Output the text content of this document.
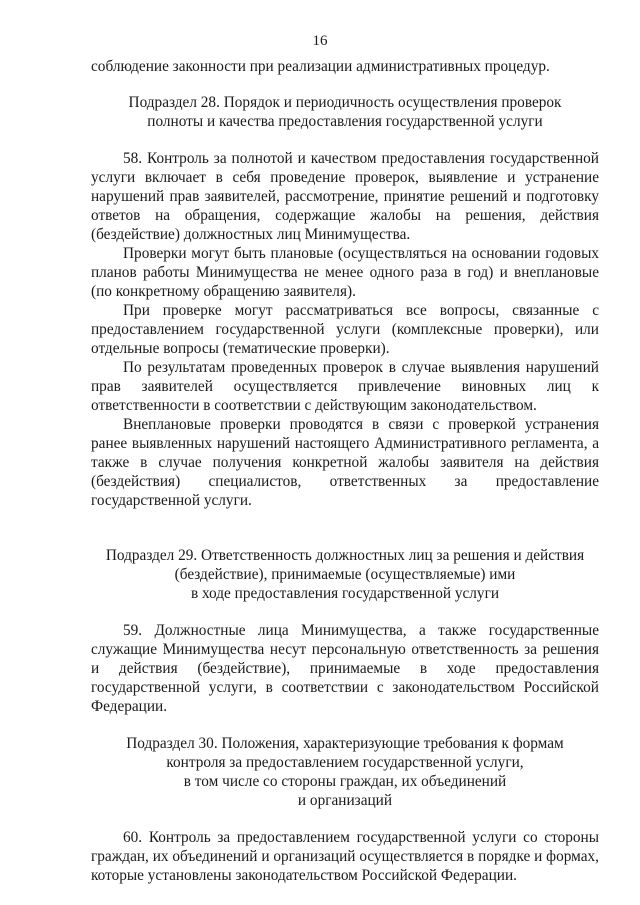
16

соблюдение законности при реализации административных процедур.

Подраздел 28. Порядок и периодичность осуществления проверок
полноты и качества предоставления государственной услуги

58. Контроль за полнотой и качеством предоставления государственной услуги включает в себя проведение проверок, выявление и устранение нарушений прав заявителей, рассмотрение, принятие решений и подготовку ответов на обращения, содержащие жалобы на решения, действия (бездействие) должностных лиц Минимущества.

Проверки могут быть плановые (осуществляться на основании годовых планов работы Минимущества не менее одного раза в год) и внеплановые (по конкретному обращению заявителя).

При проверке могут рассматриваться все вопросы, связанные с предоставлением государственной услуги (комплексные проверки), или отдельные вопросы (тематические проверки).

По результатам проведенных проверок в случае выявления нарушений прав заявителей осуществляется привлечение виновных лиц к ответственности в соответствии с действующим законодательством.

Внеплановые проверки проводятся в связи с проверкой устранения ранее выявленных нарушений настоящего Административного регламента, а также в случае получения конкретной жалобы заявителя на действия (бездействия) специалистов, ответственных за предоставление государственной услуги.

Подраздел 29. Ответственность должностных лиц за решения и действия
(бездействие), принимаемые (осуществляемые) ими
в ходе предоставления государственной услуги

59. Должностные лица Минимущества, а также государственные служащие Минимущества несут персональную ответственность за решения и действия (бездействие), принимаемые в ходе предоставления государственной услуги, в соответствии с законодательством Российской Федерации.

Подраздел 30. Положения, характеризующие требования к формам
контроля за предоставлением государственной услуги,
в том числе со стороны граждан, их объединений
и организаций

60. Контроль за предоставлением государственной услуги со стороны граждан, их объединений и организаций осуществляется в порядке и формах, которые установлены законодательством Российской Федерации.
